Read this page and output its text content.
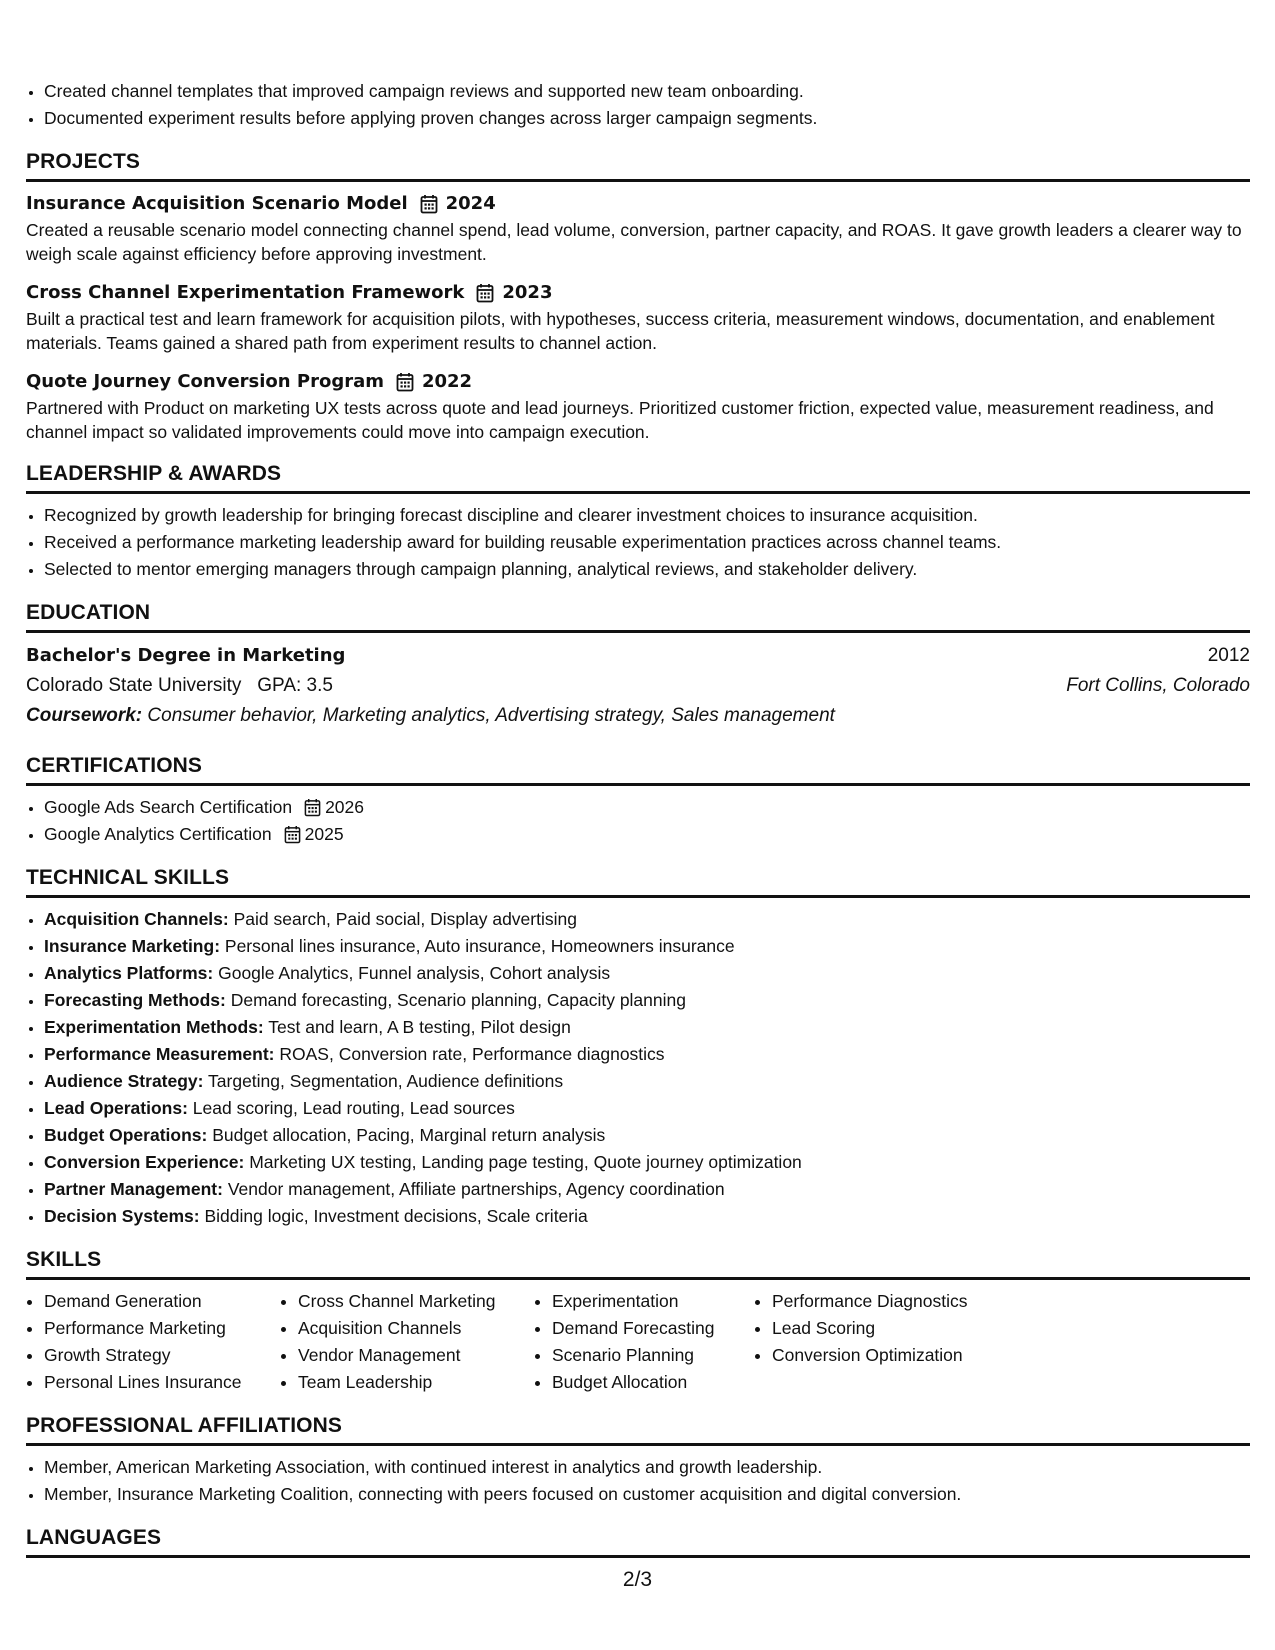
• Created channel templates that improved campaign reviews and supported new team onboarding.
• Documented experiment results before applying proven changes across larger campaign segments.
PROJECTS
Insurance Acquisition Scenario Model 2024
Created a reusable scenario model connecting channel spend, lead volume, conversion, partner capacity, and ROAS. It gave growth leaders a clearer way to weigh scale against efficiency before approving investment.
Cross Channel Experimentation Framework 2023
Built a practical test and learn framework for acquisition pilots, with hypotheses, success criteria, measurement windows, documentation, and enablement materials. Teams gained a shared path from experiment results to channel action.
Quote Journey Conversion Program 2022
Partnered with Product on marketing UX tests across quote and lead journeys. Prioritized customer friction, expected value, measurement readiness, and channel impact so validated improvements could move into campaign execution.
LEADERSHIP & AWARDS
• Recognized by growth leadership for bringing forecast discipline and clearer investment choices to insurance acquisition.
• Received a performance marketing leadership award for building reusable experimentation practices across channel teams.
• Selected to mentor emerging managers through campaign planning, analytical reviews, and stakeholder delivery.
EDUCATION
Bachelor's Degree in Marketing	2012
Colorado State University GPA: 3.5	Fort Collins, Colorado
Coursework: Consumer behavior, Marketing analytics, Advertising strategy, Sales management
CERTIFICATIONS
• Google Ads Search Certification 2026
• Google Analytics Certification 2025
TECHNICAL SKILLS
• Acquisition Channels: Paid search, Paid social, Display advertising
• Insurance Marketing: Personal lines insurance, Auto insurance, Homeowners insurance
• Analytics Platforms: Google Analytics, Funnel analysis, Cohort analysis
• Forecasting Methods: Demand forecasting, Scenario planning, Capacity planning
• Experimentation Methods: Test and learn, A B testing, Pilot design
• Performance Measurement: ROAS, Conversion rate, Performance diagnostics
• Audience Strategy: Targeting, Segmentation, Audience definitions
• Lead Operations: Lead scoring, Lead routing, Lead sources
• Budget Operations: Budget allocation, Pacing, Marginal return analysis
• Conversion Experience: Marketing UX testing, Landing page testing, Quote journey optimization
• Partner Management: Vendor management, Affiliate partnerships, Agency coordination
• Decision Systems: Bidding logic, Investment decisions, Scale criteria
SKILLS
• Demand Generation
• Performance Marketing
• Growth Strategy
• Personal Lines Insurance
• Cross Channel Marketing
• Acquisition Channels
• Vendor Management
• Team Leadership
• Experimentation
• Demand Forecasting
• Scenario Planning
• Budget Allocation
• Performance Diagnostics
• Lead Scoring
• Conversion Optimization
PROFESSIONAL AFFILIATIONS
• Member, American Marketing Association, with continued interest in analytics and growth leadership.
• Member, Insurance Marketing Coalition, connecting with peers focused on customer acquisition and digital conversion.
LANGUAGES
2/3
